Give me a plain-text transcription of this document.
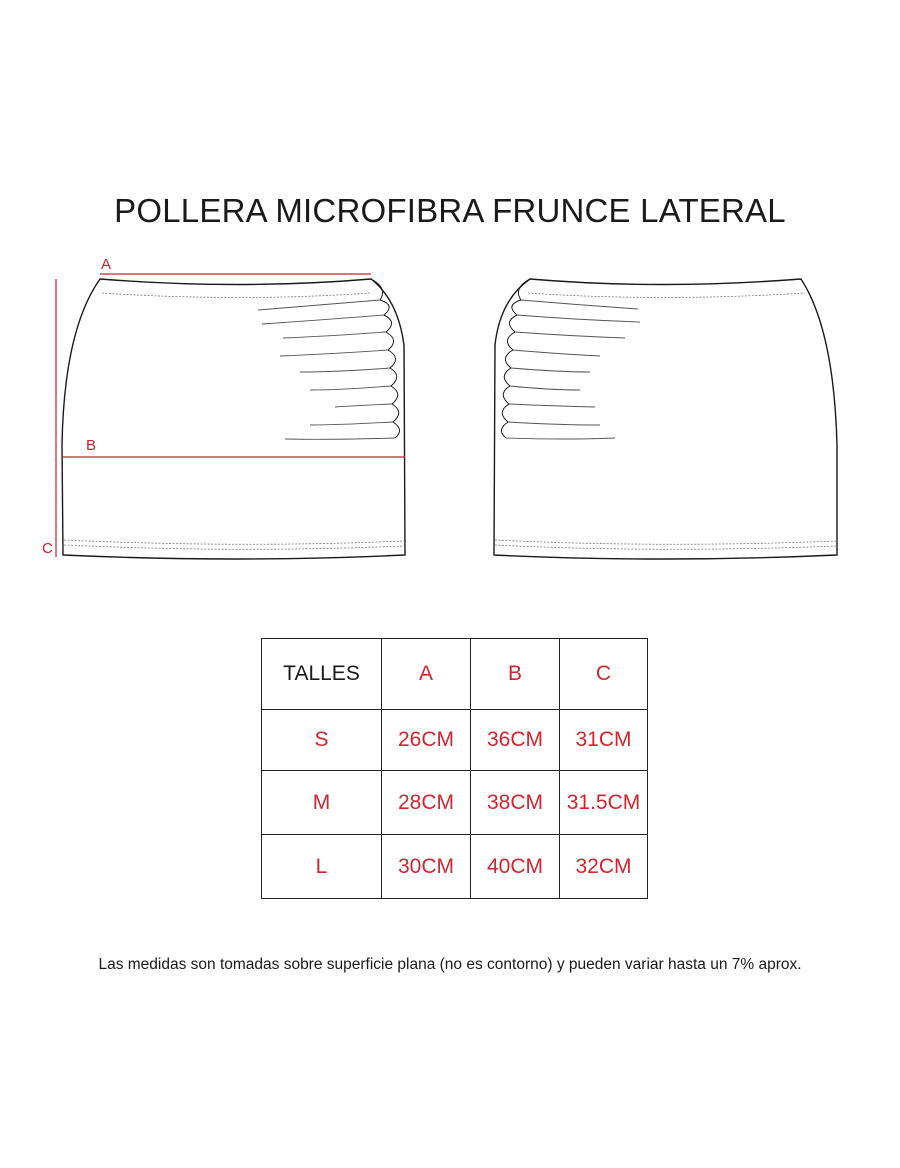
POLLERA MICROFIBRA FRUNCE LATERAL
A
B
C
TALLES	A	B	C
S	26CM	36CM	31CM
M	28CM	38CM	31.5CM
L	30CM	40CM	32CM
Las medidas son tomadas sobre superficie plana (no es contorno) y pueden variar hasta un 7% aprox.
